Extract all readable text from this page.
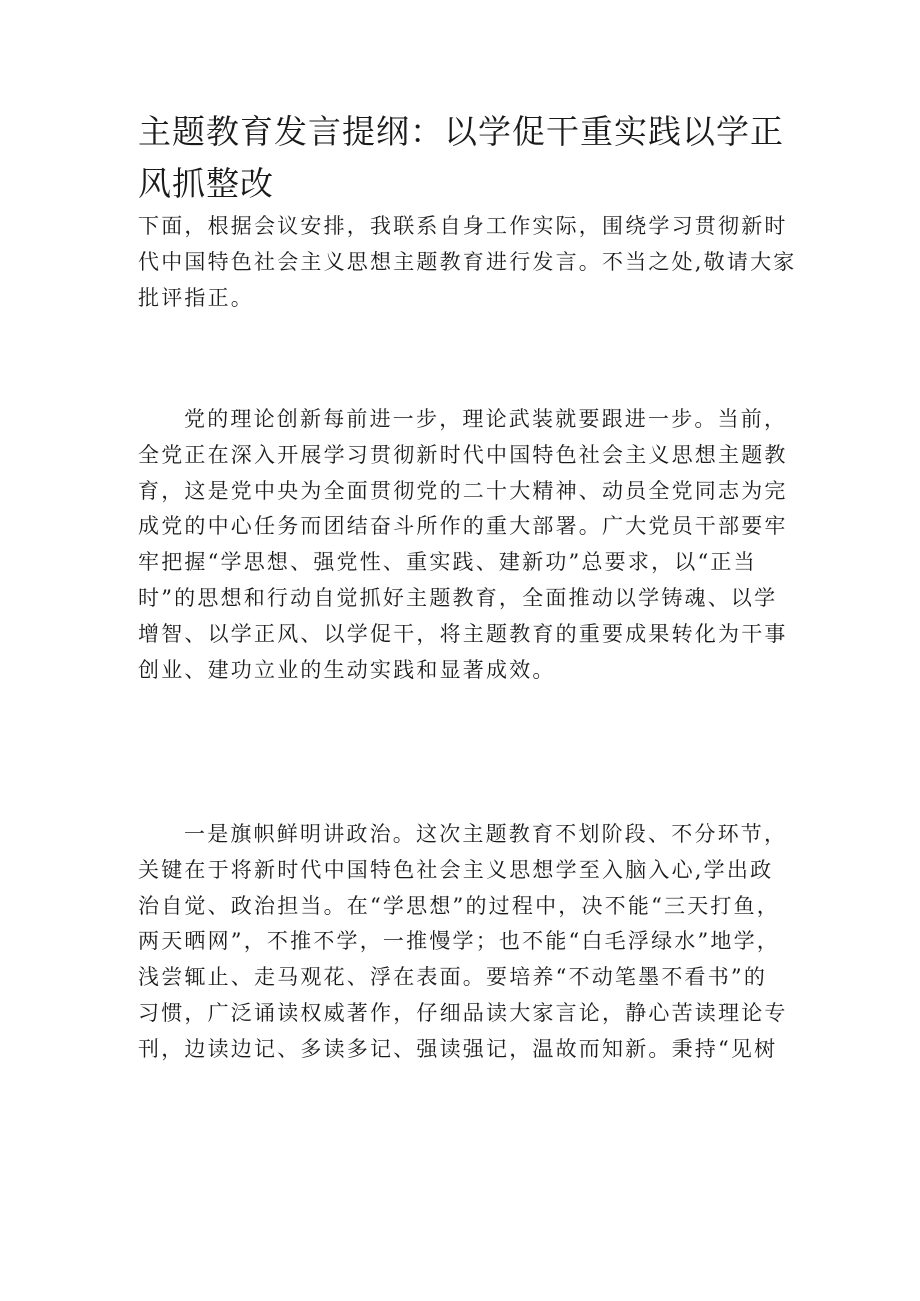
主题教育发言提纲：以学促干重实践以学正风抓整改
下面，根据会议安排，我联系自身工作实际，围绕学习贯彻新时
代中国特色社会主义思想主题教育进行发言。不当之处,敬请大家
批评指正。
党的理论创新每前进一步，理论武装就要跟进一步。当前，
全党正在深入开展学习贯彻新时代中国特色社会主义思想主题教
育，这是党中央为全面贯彻党的二十大精神、动员全党同志为完
成党的中心任务而团结奋斗所作的重大部署。广大党员干部要牢
牢把握“学思想、强党性、重实践、建新功”总要求，以“正当
时”的思想和行动自觉抓好主题教育，全面推动以学铸魂、以学
增智、以学正风、以学促干，将主题教育的重要成果转化为干事
创业、建功立业的生动实践和显著成效。
一是旗帜鲜明讲政治。这次主题教育不划阶段、不分环节，
关键在于将新时代中国特色社会主义思想学至入脑入心,学出政
治自觉、政治担当。在“学思想”的过程中，决不能“三天打鱼，
两天晒网”，不推不学，一推慢学；也不能“白毛浮绿水”地学，
浅尝辄止、走马观花、浮在表面。要培养“不动笔墨不看书”的
习惯，广泛诵读权威著作，仔细品读大家言论，静心苦读理论专
刊，边读边记、多读多记、强读强记，温故而知新。秉持“见树
